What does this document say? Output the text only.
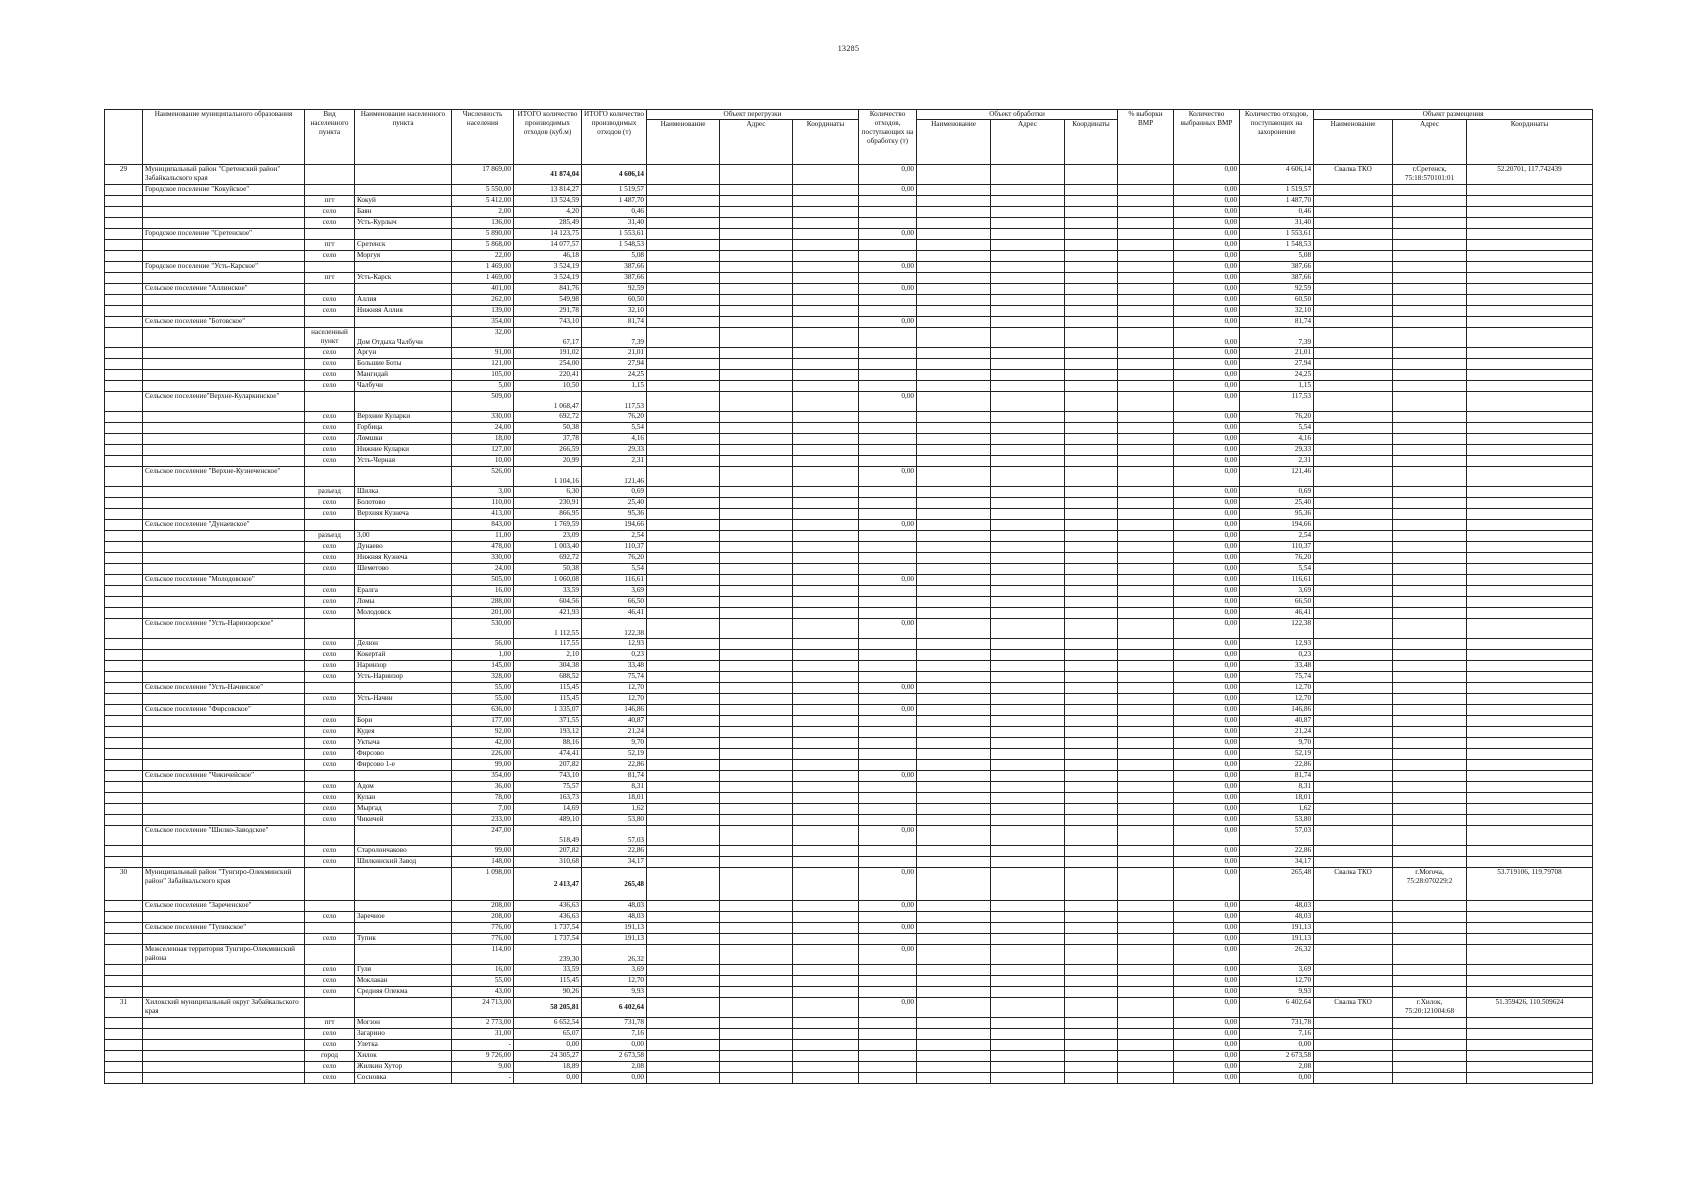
13285
	Наименование муниципального образования	Вид населенного пункта	Наименование населенного пункта	Численность населения	ИТОГО количество производимых отходов (куб.м)	ИТОГО количество производимых отходов (т)	Объект перегрузки			Количество отходов, поступающих на обработку (т)	Объект обработки			% выборки ВМР	Количество выбранных ВМР	Количество отходов, поступающих на захоронение	Объект размещения		
							Наименование	Адрес	Координаты		Наименование	Адрес	Координаты				Наименование	Адрес	Координаты
29	Муниципальный район "Сретенский район" Забайкальского края			17 869,00	41 874,04	4 606,14				0,00					0,00	4 606,14	Свалка ТКО	г.Сретенск, 75:18:570101:01	52.20701, 117.742439
	Городское поселение "Кокуйское"			5 550,00	13 814,27	1 519,57				0,00					0,00	1 519,57			
		пгт	Кокуй	5 412,00	13 524,59	1 487,70									0,00	1 487,70			
		село	Баян	2,00	4,20	0,46									0,00	0,46			
		село	Усть-Курлыч	136,00	285,49	31,40									0,00	31,40			
	Городское поселение "Сретенское"			5 890,00	14 123,75	1 553,61				0,00					0,00	1 553,61			
		пгт	Сретенск	5 868,00	14 077,57	1 548,53									0,00	1 548,53			
		село	Моргуя	22,00	46,18	5,08									0,00	5,08			
	Городское поселение "Усть-Карское"			1 469,00	3 524,19	387,66				0,00					0,00	387,66			
		пгт	Усть-Карск	1 469,00	3 524,19	387,66									0,00	387,66			
	Сельское поселение "Аллинское"			401,00	841,76	92,59				0,00					0,00	92,59			
		село	Аллия	262,00	549,98	60,50									0,00	60,50			
		село	Нижняя Аллия	139,00	291,78	32,10									0,00	32,10			
	Сельское поселение "Ботовское"			354,00	743,10	81,74				0,00					0,00	81,74			
		населенный пункт	Дом Отдыха Чалбучи	32,00	67,17	7,39									0,00	7,39			
		село	Аргун	91,00	191,02	21,01									0,00	21,01			
		село	Большие Боты	121,00	254,00	27,94									0,00	27,94			
		село	Мангидай	105,00	220,41	24,25									0,00	24,25			
		село	Чалбучи	5,00	10,50	1,15									0,00	1,15			
	Сельское поселение"Верхне-Куларкинское"			509,00	1 068,47	117,53				0,00					0,00	117,53			
		село	Верхние Куларки	330,00	692,72	76,20									0,00	76,20			
		село	Горбица	24,00	50,38	5,54									0,00	5,54			
		село	Ломшки	18,00	37,78	4,16									0,00	4,16			
		село	Нижние Куларки	127,00	266,59	29,33									0,00	29,33			
		село	Усть-Черная	10,00	20,99	2,31									0,00	2,31			
	Сельское поселение "Верхне-Кузнеченское"			526,00	1 104,16	121,46				0,00					0,00	121,46			
		разъезд	Шилка	3,00	6,30	0,69									0,00	0,69			
		село	Болотово	110,00	230,91	25,40									0,00	25,40			
		село	Верхняя Кузнеча	413,00	866,95	95,36									0,00	95,36			
	Сельское поселение "Дунаевское"			843,00	1 769,59	194,66				0,00					0,00	194,66			
		разъезд	3,00	11,00	23,09	2,54									0,00	2,54			
		село	Дунаево	478,00	1 003,40	110,37									0,00	110,37			
		село	Нижняя Кузнеча	330,00	692,72	76,20									0,00	76,20			
		село	Шеметово	24,00	50,38	5,54									0,00	5,54			
	Сельское поселение "Молодовское"			505,00	1 060,08	116,61				0,00					0,00	116,61			
		село	Ералга	16,00	33,59	3,69									0,00	3,69			
		село	Ломы	288,00	604,56	66,50									0,00	66,50			
		село	Молодовск	201,00	421,93	46,41									0,00	46,41			
	Сельское поселение "Усть-Наринзорское"			530,00	1 112,55	122,38				0,00					0,00	122,38			
		село	Делюн	56,00	117,55	12,93									0,00	12,93			
		село	Кокертай	1,00	2,10	0,23									0,00	0,23			
		село	Наринзор	145,00	304,38	33,48									0,00	33,48			
		село	Усть-Наринзор	328,00	688,52	75,74									0,00	75,74			
	Сельское поселение "Усть-Начинское"			55,00	115,45	12,70				0,00					0,00	12,70			
		село	Усть-Начин	55,00	115,45	12,70									0,00	12,70			
	Сельское поселение "Фирсовское"			636,00	1 335,07	146,86				0,00					0,00	146,86			
		село	Бори	177,00	371,55	40,87									0,00	40,87			
		село	Кудея	92,00	193,12	21,24									0,00	21,24			
		село	Уктыча	42,00	88,16	9,70									0,00	9,70			
		село	Фирсово	226,00	474,41	52,19									0,00	52,19			
		село	Фирсово 1-е	99,00	207,82	22,86									0,00	22,86			
	Сельское поселение "Чикичейское"			354,00	743,10	81,74				0,00					0,00	81,74			
		село	Адом	36,00	75,57	8,31									0,00	8,31			
		село	Кулан	78,00	163,73	18,01									0,00	18,01			
		село	Мыргад	7,00	14,69	1,62									0,00	1,62			
		село	Чикичей	233,00	489,10	53,80									0,00	53,80			
	Сельское поселение "Шилко-Заводское"			247,00	518,49	57,03				0,00					0,00	57,03			
		село	Старолончаково	99,00	207,82	22,86									0,00	22,86			
		село	Шилкинский Завод	148,00	310,68	34,17									0,00	34,17			
30	Муниципальный район "Тунгиро-Олекминский район" Забайкальского края			1 098,00	2 413,47	265,48				0,00					0,00	265,48	Свалка ТКО	г.Могоча, 75:28:070229:2	53.719106, 119.79708
	Сельское поселение "Зареченское"			208,00	436,63	48,03				0,00					0,00	48,03			
		село	Заречное	208,00	436,63	48,03									0,00	48,03			
	Сельское поселение "Тупикское"			776,00	1 737,54	191,13				0,00					0,00	191,13			
		село	Тупик	776,00	1 737,54	191,13									0,00	191,13			
	Межселенная территория Тунгиро-Олекминский района			114,00	239,30	26,32				0,00					0,00	26,32			
		село	Гуля	16,00	33,59	3,69									0,00	3,69			
		село	Моклакан	55,00	115,45	12,70									0,00	12,70			
		село	Средняя Олекма	43,00	90,26	9,93									0,00	9,93			
31	Хилокский муниципальный округ Забайкальского края			24 713,00	58 205,81	6 402,64				0,00					0,00	6 402,64	Свалка ТКО	г.Хилок, 75:20:121004:68	51.359426, 110.509624
		пгт	Могзон	2 773,00	6 652,54	731,78									0,00	731,78			
		село	Загарино	31,00	65,07	7,16									0,00	7,16			
		село	Улетка	-	0,00	0,00									0,00	0,00			
		город	Хилок	9 726,00	24 305,27	2 673,58									0,00	2 673,58			
		село	Жилкин Хутор	9,00	18,89	2,08									0,00	2,08			
		село	Сосновка	-	0,00	0,00									0,00	0,00			
